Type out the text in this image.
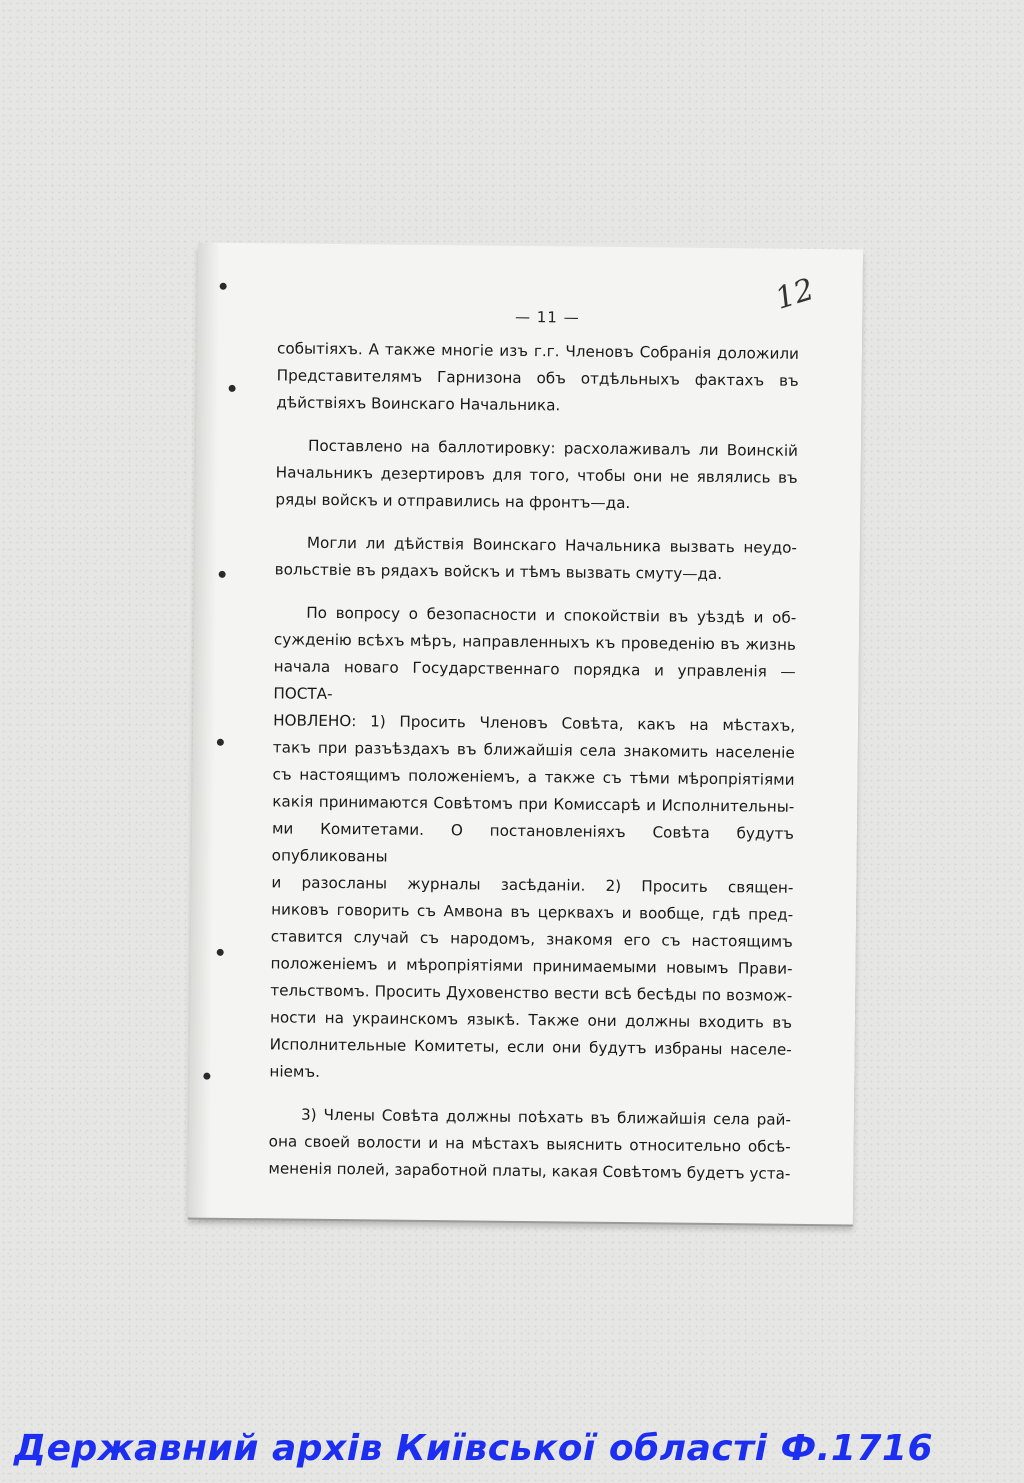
— 11 —
12

событіяхъ. А также многіе изъ г.г. Членовъ Собранія доложили
Представителямъ Гарнизона объ отдѣльныхъ фактахъ въ
дѣйствіяхъ Воинскаго Начальника.

Поставлено на баллотировку: расхолаживалъ ли Воинскій
Начальникъ дезертировъ для того, чтобы они не являлись въ
ряды войскъ и отправились на фронтъ—да.

Могли ли дѣйствія Воинскаго Начальника вызвать неудо-
вольствіе въ рядахъ войскъ и тѣмъ вызвать смуту—да.

По вопросу о безопасности и спокойствіи въ уѣздѣ и об-
сужденію всѣхъ мѣръ, направленныхъ къ проведенію въ жизнь
начала новаго Государственнаго порядка и управленія —ПОСТА-
НОВЛЕНО: 1) Просить Членовъ Совѣта, какъ на мѣстахъ,
такъ при разъѣздахъ въ ближайшія села знакомить населеніе
съ настоящимъ положеніемъ, а также съ тѣми мѣропріятіями
какія принимаются Совѣтомъ при Комиссарѣ и Исполнительны-
ми Комитетами. О постановленіяхъ Совѣта будутъ опубликованы
и разосланы журналы засѣданіи. 2) Просить священ-
никовъ говорить съ Амвона въ церквахъ и вообще, гдѣ пред-
ставится случай съ народомъ, знакомя его съ настоящимъ
положеніемъ и мѣропріятіями принимаемыми новымъ Прави-
тельствомъ. Просить Духовенство вести всѣ бесѣды по возмож-
ности на украинскомъ языкѣ. Также они должны входить въ
Исполнительные Комитеты, если они будутъ избраны населе-
ніемъ.

3) Члены Совѣта должны поѣхать въ ближайшія села рай-
она своей волости и на мѣстахъ выяснить относительно обсѣ-
мененія полей, заработной платы, какая Совѣтомъ будетъ уста-

Державний архів Київської області Ф.1716
